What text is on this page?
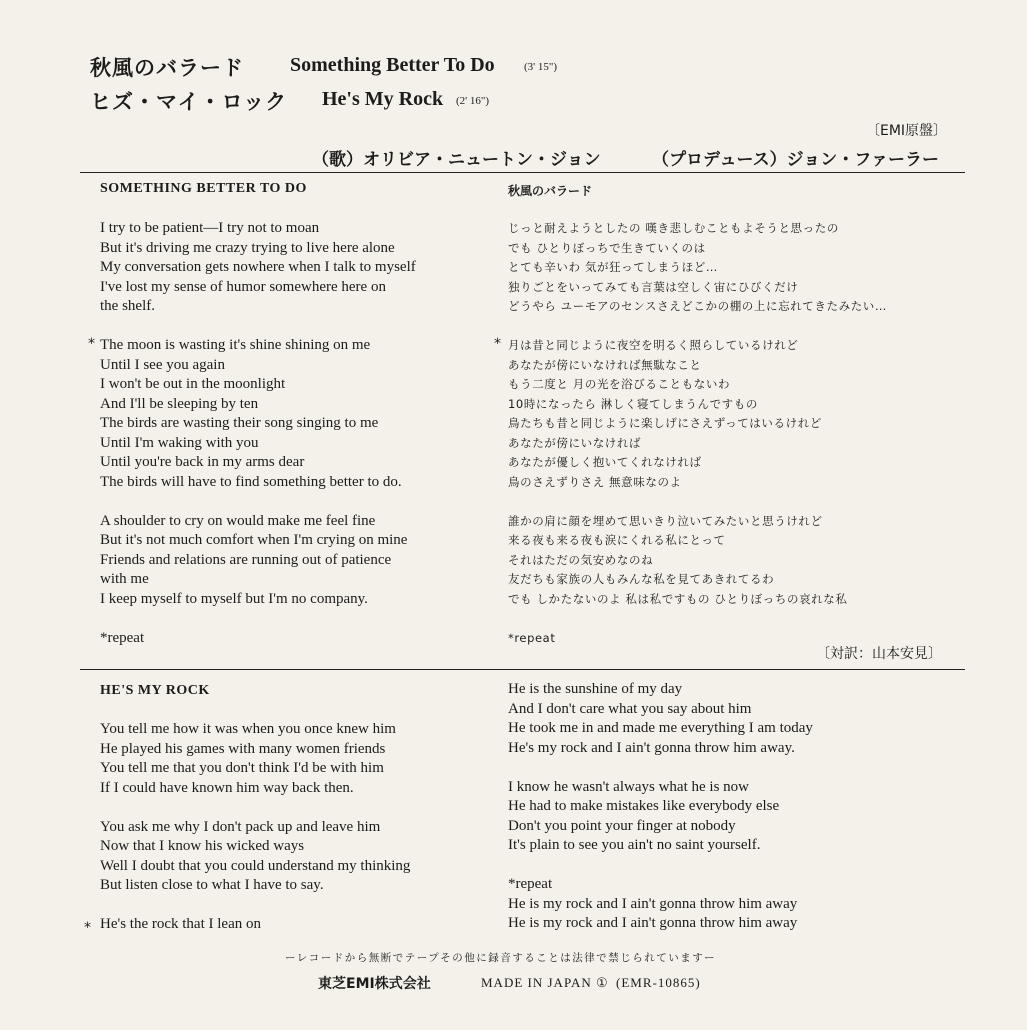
秋風のバラード Something Better To Do	(3' 15")
ヒズ・マイ・ロック He's My Rock (2' 16")
〔EMI原盤〕
（歌）オリビア・ニュートン・ジョン	（プロデュース）ジョン・ファーラー
SOMETHING BETTER TO DO	秋風のバラード
I try to be patient—I try not to moan
But it's driving me crazy trying to live here alone
My conversation gets nowhere when I talk to myself
I've lost my sense of humor somewhere here on
the shelf.
The moon is wasting it's shine shining on me
Until I see you again
I won't be out in the moonlight
And I'll be sleeping by ten
The birds are wasting their song singing to me
Until I'm waking with you
Until you're back in my arms dear
The birds will have to find something better to do.
A shoulder to cry on would make me feel fine
But it's not much comfort when I'm crying on mine
Friends and relations are running out of patience
with me
I keep myself to myself but I'm no company.
*repeat
じっと耐えようとしたの 嘆き悲しむこともよそうと思ったの
でも ひとりぼっちで生きていくのは
とても辛いわ 気が狂ってしまうほど…
独りごとをいってみても言葉は空しく宙にひびくだけ
どうやら ユーモアのセンスさえどこかの棚の上に忘れてきたみたい…
月は昔と同じように夜空を明るく照らしているけれど
あなたが傍にいなければ無駄なこと
もう二度と 月の光を浴びることもないわ
10時になったら 淋しく寝てしまうんですもの
鳥たちも昔と同じように楽しげにさえずってはいるけれど
あなたが傍にいなければ
あなたが優しく抱いてくれなければ
鳥のさえずりさえ 無意味なのよ
誰かの肩に顔を埋めて思いきり泣いてみたいと思うけれど
来る夜も来る夜も涙にくれる私にとって
それはただの気安めなのね
友だちも家族の人もみんな私を見てあきれてるわ
でも しかたないのよ 私は私ですもの ひとりぼっちの哀れな私
*repeat
*	*
〔対訳：山本安見〕
HE'S MY ROCK
You tell me how it was when you once knew him
He played his games with many women friends
You tell me that you don't think I'd be with him
If I could have known him way back then.
You ask me why I don't pack up and leave him
Now that I know his wicked ways
Well I doubt that you could understand my thinking
But listen close to what I have to say.
He's the rock that I lean on
He is the sunshine of my day
And I don't care what you say about him
He took me in and made me everything I am today
He's my rock and I ain't gonna throw him away.
I know he wasn't always what he is now
He had to make mistakes like everybody else
Don't you point your finger at nobody
It's plain to see you ain't no saint yourself.
*repeat
He is my rock and I ain't gonna throw him away
He is my rock and I ain't gonna throw him away
*
ーレコードから無断でテープその他に録音することは法律で禁じられていますー
東芝EMI株式会社	MADE IN JAPAN ① (EMR-10865)
